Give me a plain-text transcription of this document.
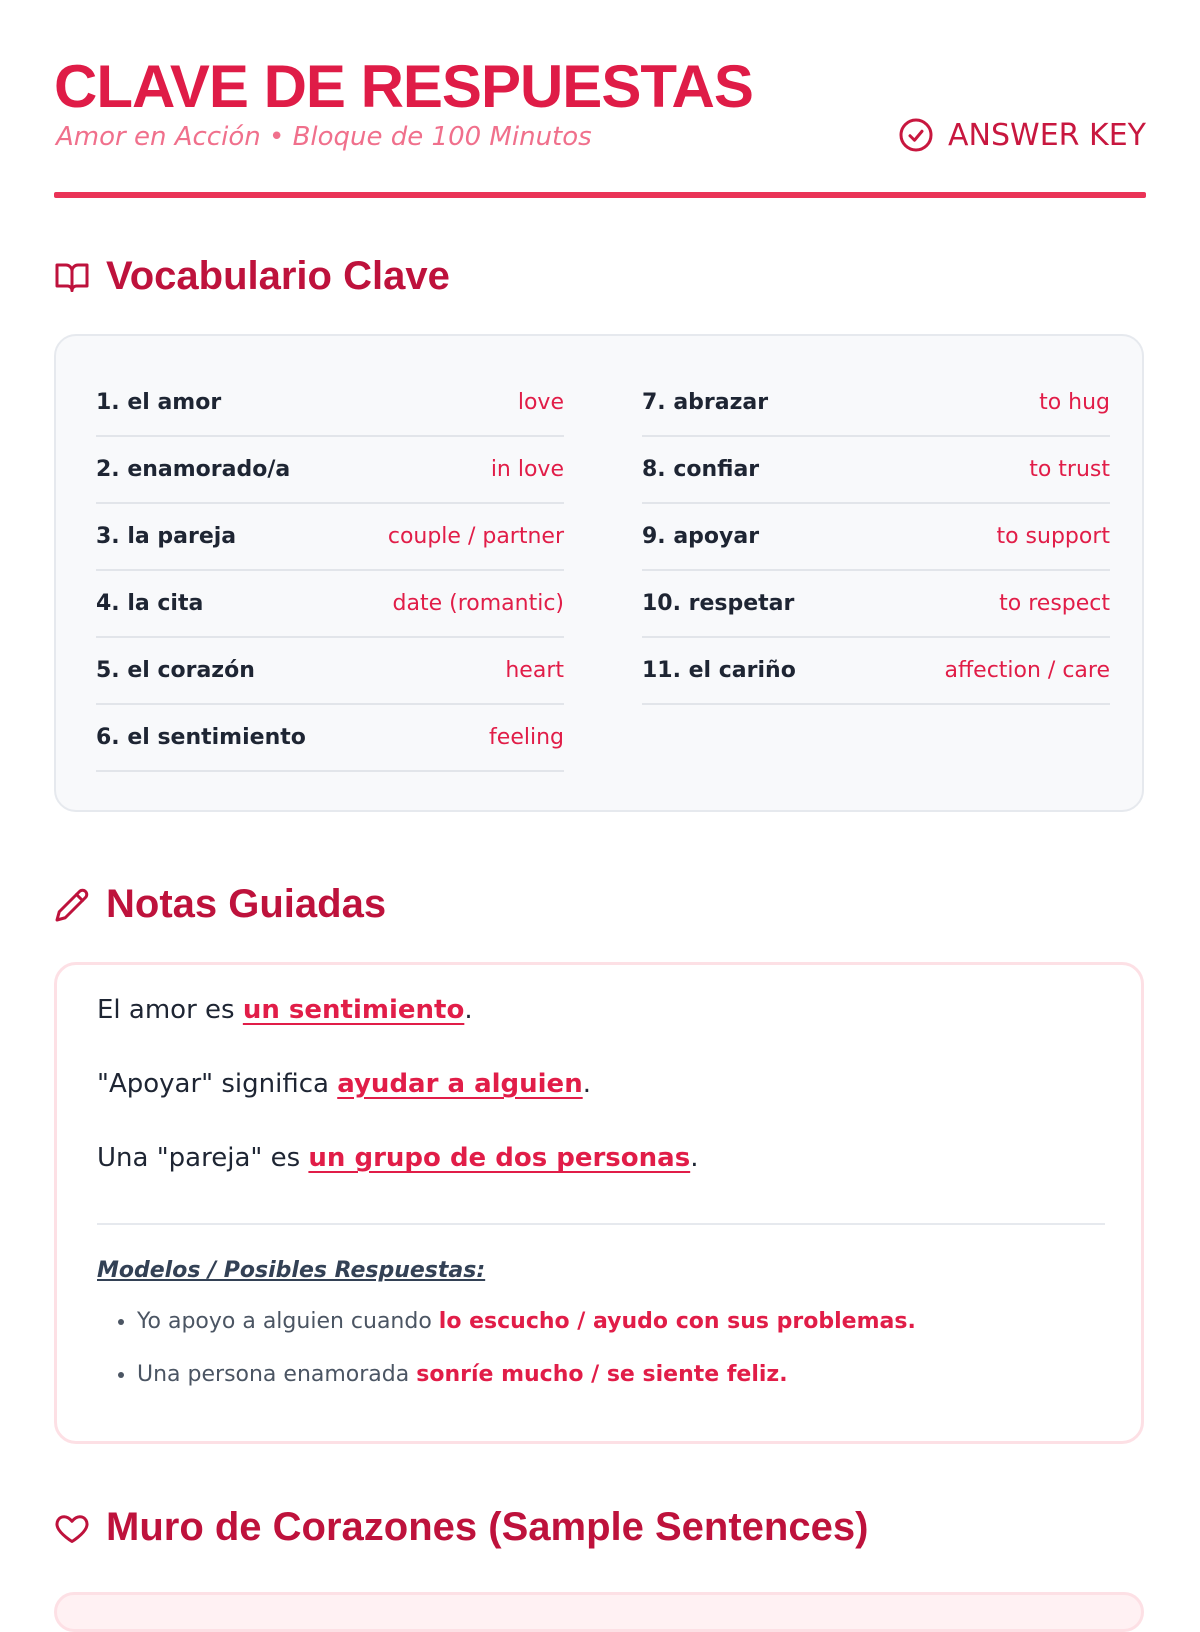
CLAVE DE RESPUESTAS
Amor en Acción • Bloque de 100 Minutos	ANSWER KEY
Vocabulario Clave
1. el amor	love
2. enamorado/a	in love
3. la pareja	couple / partner
4. la cita	date (romantic)
5. el corazón	heart
6. el sentimiento	feeling
7. abrazar	to hug
8. confiar	to trust
9. apoyar	to support
10. respetar	to respect
11. el cariño	affection / care
Notas Guiadas
El amor es un sentimiento.
"Apoyar" significa ayudar a alguien.
Una "pareja" es un grupo de dos personas.
Modelos / Posibles Respuestas:
• Yo apoyo a alguien cuando lo escucho / ayudo con sus problemas.
• Una persona enamorada sonríe mucho / se siente feliz.
Muro de Corazones (Sample Sentences)
